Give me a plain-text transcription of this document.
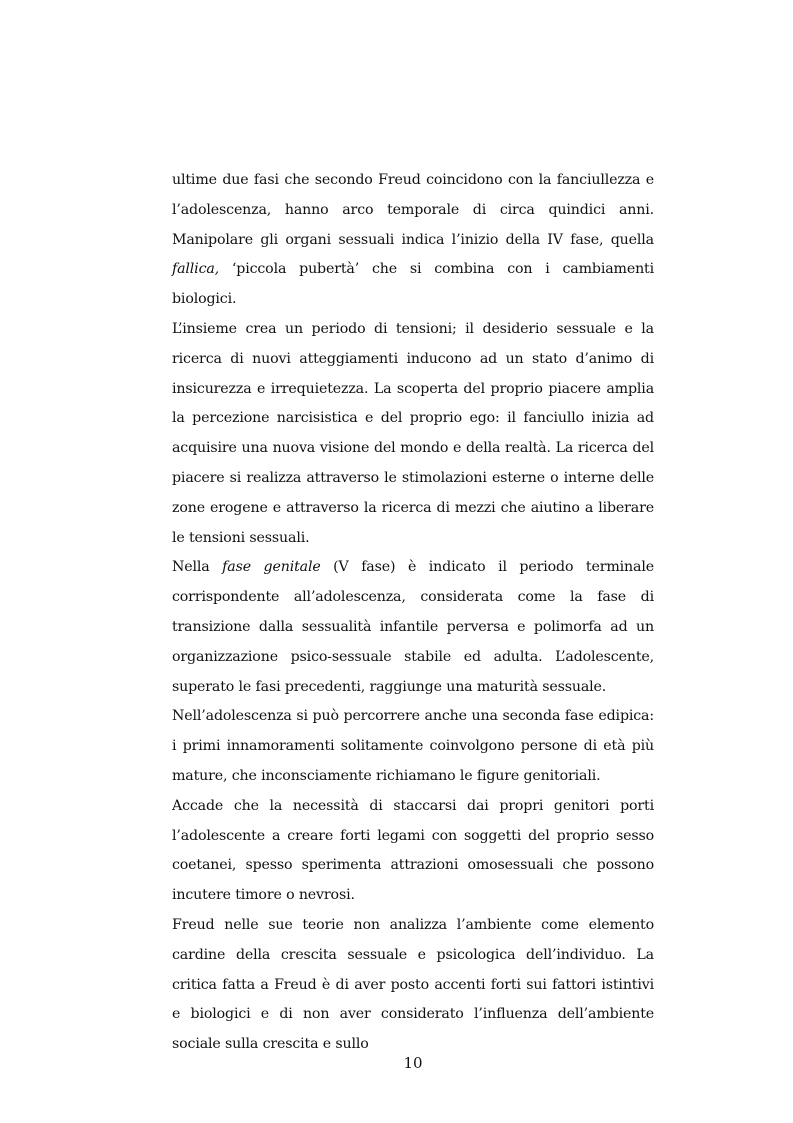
ultime due fasi che secondo Freud coincidono con la fanciullezza e l’adolescenza, hanno arco temporale di circa quindici anni. Manipolare gli organi sessuali indica l’inizio della IV fase, quella fallica, ‘piccola pubertà’ che si combina con i cambiamenti biologici.

L’insieme crea un periodo di tensioni; il desiderio sessuale e la ricerca di nuovi atteggiamenti inducono ad un stato d’animo di insicurezza e irrequietezza. La scoperta del proprio piacere amplia la percezione narcisistica e del proprio ego: il fanciullo inizia ad acquisire una nuova visione del mondo e della realtà. La ricerca del piacere si realizza attraverso le stimolazioni esterne o interne delle zone erogene e attraverso la ricerca di mezzi che aiutino a liberare le tensioni sessuali.

Nella fase genitale (V fase) è indicato il periodo terminale corrispondente all’adolescenza, considerata come la fase di transizione dalla sessualità infantile perversa e polimorfa ad un organizzazione psico-sessuale stabile ed adulta. L’adolescente, superato le fasi precedenti, raggiunge una maturità sessuale.

Nell’adolescenza si può percorrere anche una seconda fase edipica: i primi innamoramenti solitamente coinvolgono persone di età più mature, che inconsciamente richiamano le figure genitoriali.

Accade che la necessità di staccarsi dai propri genitori porti l’adolescente a creare forti legami con soggetti del proprio sesso coetanei, spesso sperimenta attrazioni omosessuali che possono incutere timore o nevrosi.

Freud nelle sue teorie non analizza l’ambiente come elemento cardine della crescita sessuale e psicologica dell’individuo. La critica fatta a Freud è di aver posto accenti forti sui fattori istintivi e biologici e di non aver considerato l’influenza dell’ambiente sociale sulla crescita e sullo

10
